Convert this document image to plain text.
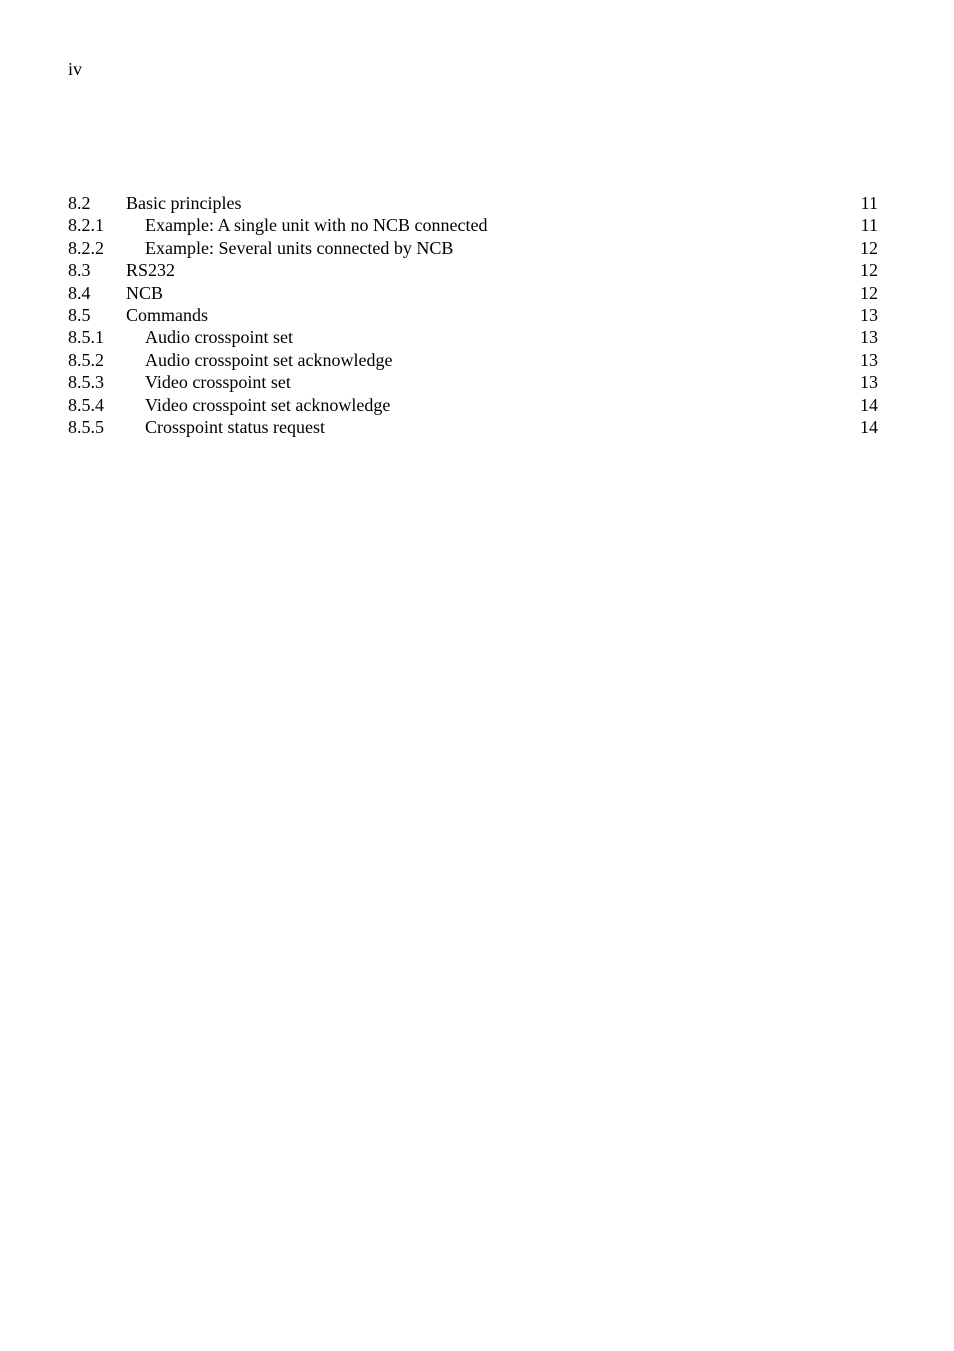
iv
8.2 Basic principles	11
8.2.1 Example: A single unit with no NCB connected	11
8.2.2 Example: Several units connected by NCB	12
8.3 RS232	12
8.4 NCB	12
8.5 Commands	13
8.5.1 Audio crosspoint set	13
8.5.2 Audio crosspoint set acknowledge	13
8.5.3 Video crosspoint set	13
8.5.4 Video crosspoint set acknowledge	14
8.5.5 Crosspoint status request	14
